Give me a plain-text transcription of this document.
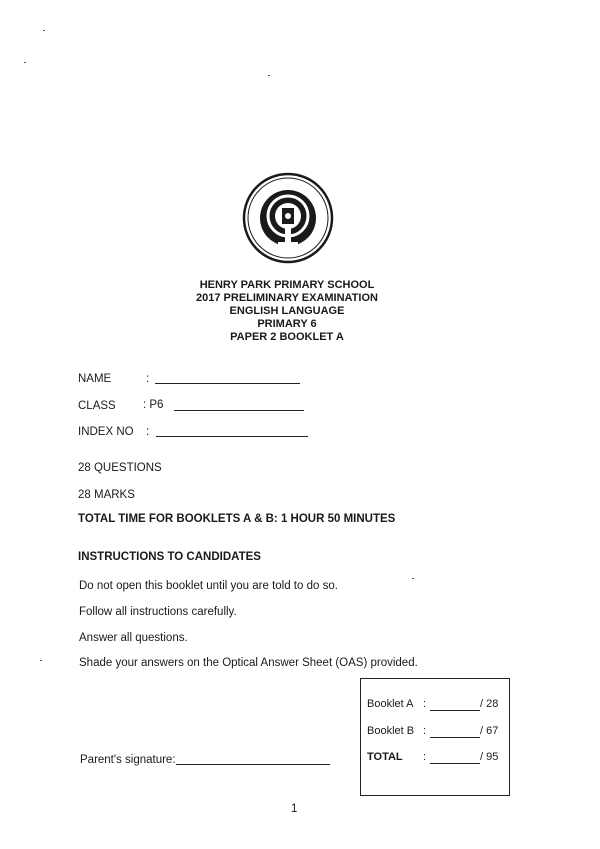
HENRY PARK PRIMARY SCHOOL
2017 PRELIMINARY EXAMINATION
ENGLISH LANGUAGE
PRIMARY 6
PAPER 2 BOOKLET A
NAME	:
CLASS : P6
INDEX NO :
28 QUESTIONS
28 MARKS
TOTAL TIME FOR BOOKLETS A & B: 1 HOUR 50 MINUTES
INSTRUCTIONS TO CANDIDATES
Do not open this booklet until you are told to do so.
Follow all instructions carefully.
Answer all questions.
Shade your answers on the Optical Answer Sheet (OAS) provided.
Parent's signature:
Booklet A :	/ 28
Booklet B :	/ 67
TOTAL :	/ 95
1
